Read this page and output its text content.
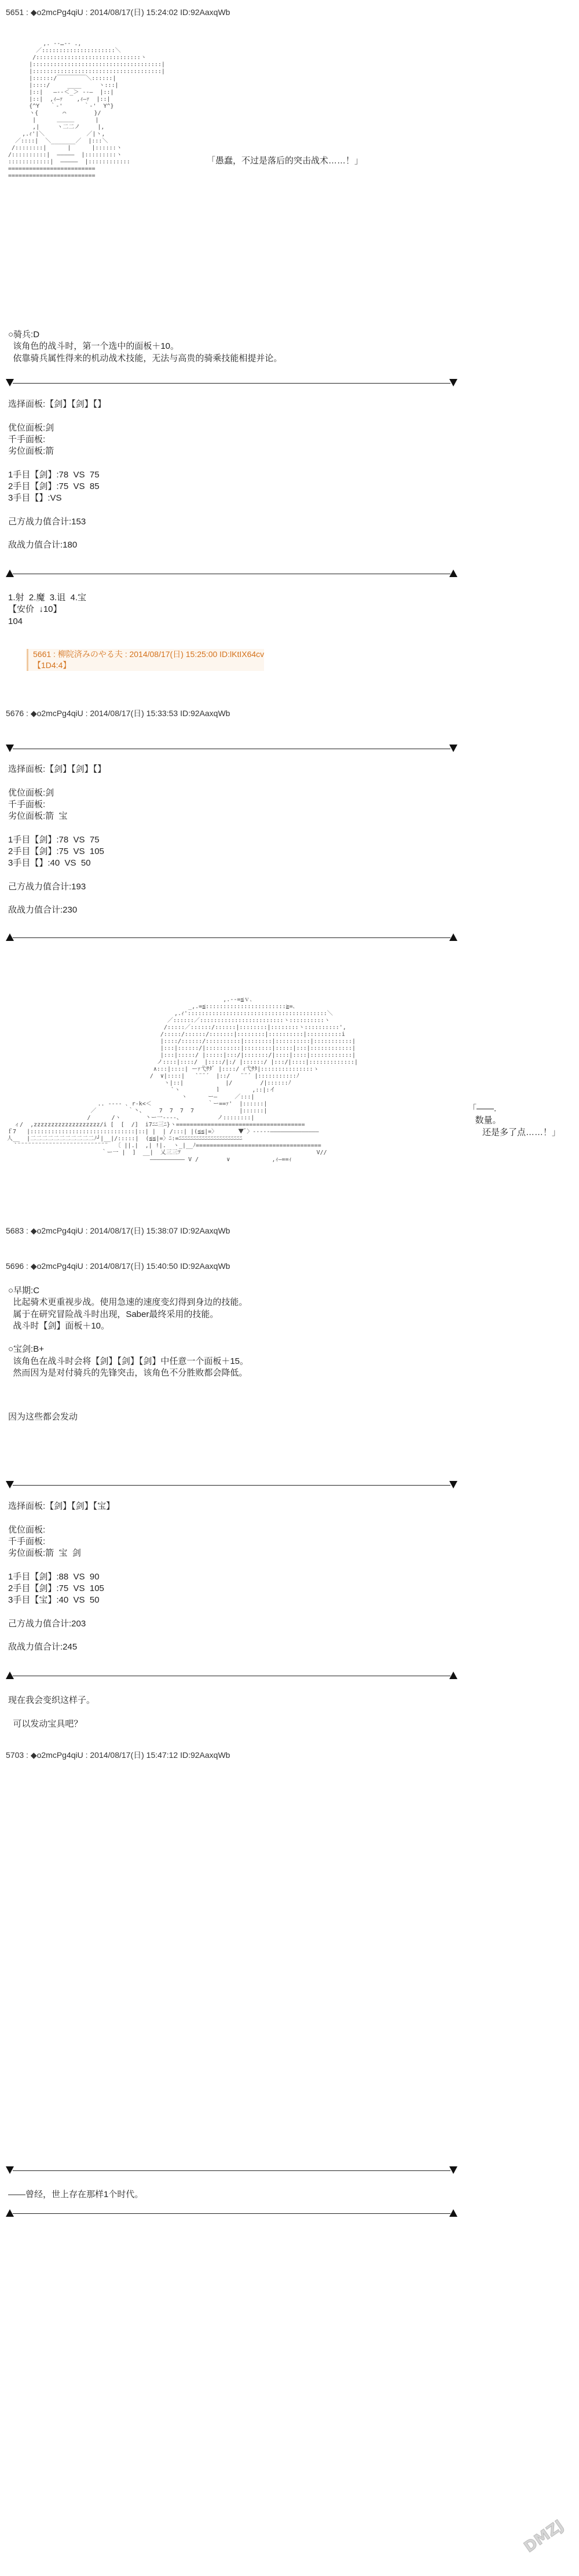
5651 : ◆o2mcPg4qiU : 2014/08/17(日) 15:24:02 ID:92AaxqWb
,. -‐…‐- .,
／:::::::::::::::::::::＼
/::::::::::::::::::::::::::::::ヽ
|:::::::::::::::::::::::::::::::::::::|
|:::::::::::::::::::::::::::::::::::::|
|::::::/￣￣￣￣￣＼::::::|
|::::/     ____     ヽ:::|
|::|   ―‐-＜_＞ ‐-―  |::|
|::|  ,ｨ―ｧ    ,ｨ―ｧ  |::|
{^Y   ｀‐'      ｀‐'  Y^}
ヽ{       ⌒        }/
|      ＿＿＿      |
,|     ヽ二二ノ     |,
,.ｨ'|＼            ／|ヽ,
／::::|  ＼_______／  |:::＼
/::::::::|      |      |::::::ヽ
/::::::::::|  ―――――  |:::::::::ヽ
::::::::::::|  ―――――  |::::::::::::
=========================
=========================
「愚蠢，不过是落后的突击战术……！」
○骑兵:D
该角色的战斗时，第一个选中的面板＋10。
依靠骑兵属性得来的机动战术技能，无法与高贵的骑乘技能相提并论。
选择面板:【剑】【剑】【】

优位面板:剑
千手面板:
劣位面板:箭

1手目【剑】:78  VS  75
2手目【剑】:75  VS  85
3手目【】:VS

己方战力值合计:153

敌战力值合计:180
1.射  2.魔  3.诅  4.宝
【安价  ↓10】
104
5661 : 柳院済みのやる夫 : 2014/08/17(日) 15:25:00 ID:lKtIX64cv
【1D4:4】
5676 : ◆o2mcPg4qiU : 2014/08/17(日) 15:33:53 ID:92AaxqWb
选择面板:【剑】【剑】【】

优位面板:剑
千手面板:
劣位面板:箭  宝

1手目【剑】:78  VS  75
2手目【剑】:75  VS  105
3手目【】:40  VS  50

己方战力值合计:193

敌战力值合计:230
,.-‐=≦ｖ､
_,.=≦:::::::::::::::::::::::≧=､
,.ｨ'::::::::::::::::::::::::::::::::::::::::＼
／::::::／::::::::::::::::::::::::ヽ::::::::::ヽ
/:::::／::::::/::::::|::::::::|::::::::ヽ::::::::::',
/:::::/::::::/:::::::|::::::::|::::::::::|::::::::::i
|::::/::::::/::::::::::|::::::::|::::::::::|:::::::::::|
|:::|::::::/|::::::::::|::::::::|:::::|:::|::::::::::::|
|:::|:::::/ |:::::|:::/|:::::::/|::::|::::|::::::::::::|
ノ::::|::::/  |::::/|:/ |::::::/ |:::/|::::|:::::::::::::|
∧:::|::::| ーｧ弋ｻﾀﾞ |::::/ ｨ弋ｻﾀ|:::::::::::::::ゝ
/  ∨|::::|   `¨¨´  |::/   ¨¨´ |:::::::::::ﾉ
ヽ|::|            |/        /|::::::ﾉ
`ヽ          ｌ         ,::|:イ
ヽ      ー―     ／:::|
.. ---‐ ､ r-k<＜                ｀ー==ｧ'  |::::::|
／         ｀丶、    7  7  7  7             |::::::|
/      /ヽ       丶ー一----、          ノ::::::::|
ィ/  ,zzzzzzzzzzzzzzzzzzz/i [  [  /]  i7ﾆﾆ三ﾆ}ヽ=====================================
ｆ7   |::::::::::::::::::::::::::::::|::| |  | /:::| |(≦≦|=〉      ▼ﾞ〉‐‐‐‐‐――――――――――――――
人__  |二二二二二二二二二二二ﾉ┘|__|/:::::|  (≦≦|=〉ﾆ:=ﾆﾆﾆﾆﾆﾆﾆﾆﾆﾆﾆﾆﾆﾆﾆﾆﾆﾆﾆﾆﾆﾆ
`¨¨¨¨¨¨¨¨¨¨¨¨¨¨¨¨¨¨¨¨¨¨¨¨¨¨  〔 ||.|  ,| !|.  ヽ_|__ﾉ====================================
｀ー一 |  ]  __|  乂三三ﾂ                                       V//
―――――――――― V /        ∨            ,ｨ―==ｨ
「——.
数量。
还是多了点……！」
5683 : ◆o2mcPg4qiU : 2014/08/17(日) 15:38:07 ID:92AaxqWb
5696 : ◆o2mcPg4qiU : 2014/08/17(日) 15:40:50 ID:92AaxqWb
○早期:C
比起骑术更重视步战。使用急速的速度变幻得到身边的技能。
属于在研究冒险战斗时出现，Saber最终采用的技能。
战斗时【剑】面板＋10。

○宝剑:B+
该角色在战斗时会将【剑】【剑】【剑】中任意一个面板＋15。
然而因为是对付骑兵的先锋突击，该角色不分胜败都会降低。
因为这些都会发动
选择面板:【剑】【剑】【宝】

优位面板:
千手面板:
劣位面板:箭  宝  剑

1手目【剑】:88  VS  90
2手目【剑】:75  VS  105
3手目【宝】:40  VS  50

己方战力值合计:203

敌战力值合计:245
现在我会变织这样子。

可以发动宝具吧？
5703 : ◆o2mcPg4qiU : 2014/08/17(日) 15:47:12 ID:92AaxqWb
——曾经，世上存在那样1个时代。
DMZJ
